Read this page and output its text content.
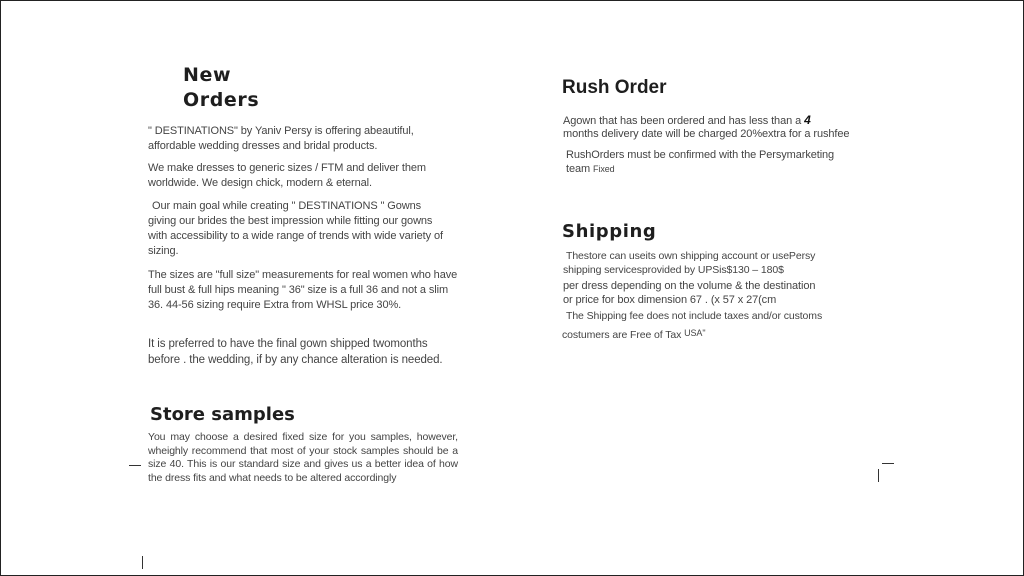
New
Orders
" DESTINATIONS" by Yaniv Persy is offering abeautiful, affordable wedding dresses and bridal products.
We make dresses to generic sizes / FTM and deliver them worldwide. We design chick, modern & eternal.
Our main goal while creating " DESTINATIONS " Gowns giving our brides the best impression while fitting our gowns with accessibility to a wide range of trends with wide variety of sizing.
The sizes are "full size" measurements for real women who have full bust & full hips meaning " 36" size is a full 36 and not a slim 36. 44-56 sizing require Extra from WHSL price 30%.
It is preferred to have the final gown shipped twomonths before . the wedding, if by any chance alteration is needed.
Store samples
You may choose a desired fixed size for you samples, however, wheighly recommend that most of your stock samples should be a size 40. This is our standard size and gives us a better idea of how the dress fits and what needs to be altered accordingly
Rush Order
Agown that has been ordered and has less than a 4
months delivery date will be charged 20%extra for a rushfee
RushOrders must be confirmed with the Persymarketing
team Fixed
Shipping
Thestore can useits own shipping account or usePersy
shipping servicesprovided by UPSis$130 – 180$
per dress depending on the volume & the destination
or price for box dimension 67 . (x 57 x 27(cm
The Shipping fee does not include taxes and/or customs
costumers are Free of Tax USA"
